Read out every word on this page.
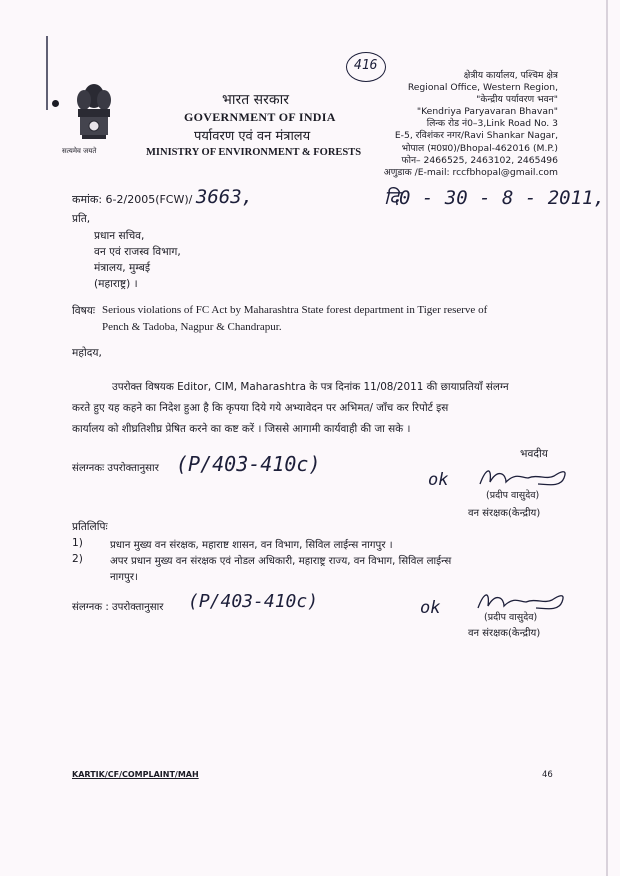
416
सत्यमेव जयते
भारत सरकार
GOVERNMENT OF INDIA
पर्यावरण एवं वन मंत्रालय
MINISTRY OF ENVIRONMENT & FORESTS
क्षेत्रीय कार्यालय, पश्चिम क्षेत्र
Regional Office, Western Region,
"केन्द्रीय पर्यावरण भवन"
"Kendriya Paryavaran Bhavan"
लिन्क रोड नं0–3,Link Road No. 3
E-5, रविशंकर नगर/Ravi Shankar Nagar,
भोपाल (म0प्र0)/Bhopal-462016 (M.P.)
फोन– 2466525, 2463102, 2465496
अणुडाक /E-mail: rccfbhopal@gmail.com
कमांक: 6-2/2005(FCW)/ 3663,	दि0 - 30 - 8 - 2011,
प्रति,
प्रधान सचिव,
वन एवं राजस्व विभाग,
मंत्रालय, मुम्बई
(महाराष्ट्र) ।
विषयः Serious violations of FC Act by Maharashtra State forest department in Tiger reserve of
Pench & Tadoba, Nagpur & Chandrapur.
महोदय,
उपरोक्त विषयक Editor, CIM, Maharashtra के पत्र दिनांक 11/08/2011 की छायाप्रतियाँ संलग्न
करते हुए यह कहने का निदेश हुआ है कि कृपया दिये गये अभ्यावेदन पर अभिमत/ जाँच कर रिपोर्ट इस
कार्यालय को शीघ्रतिशीघ्र प्रेषित करने का कष्ट करें । जिससे आगामी कार्यवाही की जा सके ।
भवदीय
संलग्नकः उपरोक्तानुसार (P/403-410c)
ok
(प्रदीप वासुदेव)
वन संरक्षक(केन्द्रीय)
प्रतिलिपिः
1)	प्रधान मुख्य वन संरक्षक, महाराष्ट शासन, वन विभाग, सिविल लाईन्स नागपुर ।
2)	अपर प्रधान मुख्य वन संरक्षक एवं नोडल अधिकारी, महाराष्ट्र राज्य, वन विभाग, सिविल लाईन्स
नागपुर।
संलग्नक : उपरोक्तानुसार (P/403-410c)	ok	(प्रदीप वासुदेव)
वन संरक्षक(केन्द्रीय)
KARTIK/CF/COMPLAINT/MAH	46
